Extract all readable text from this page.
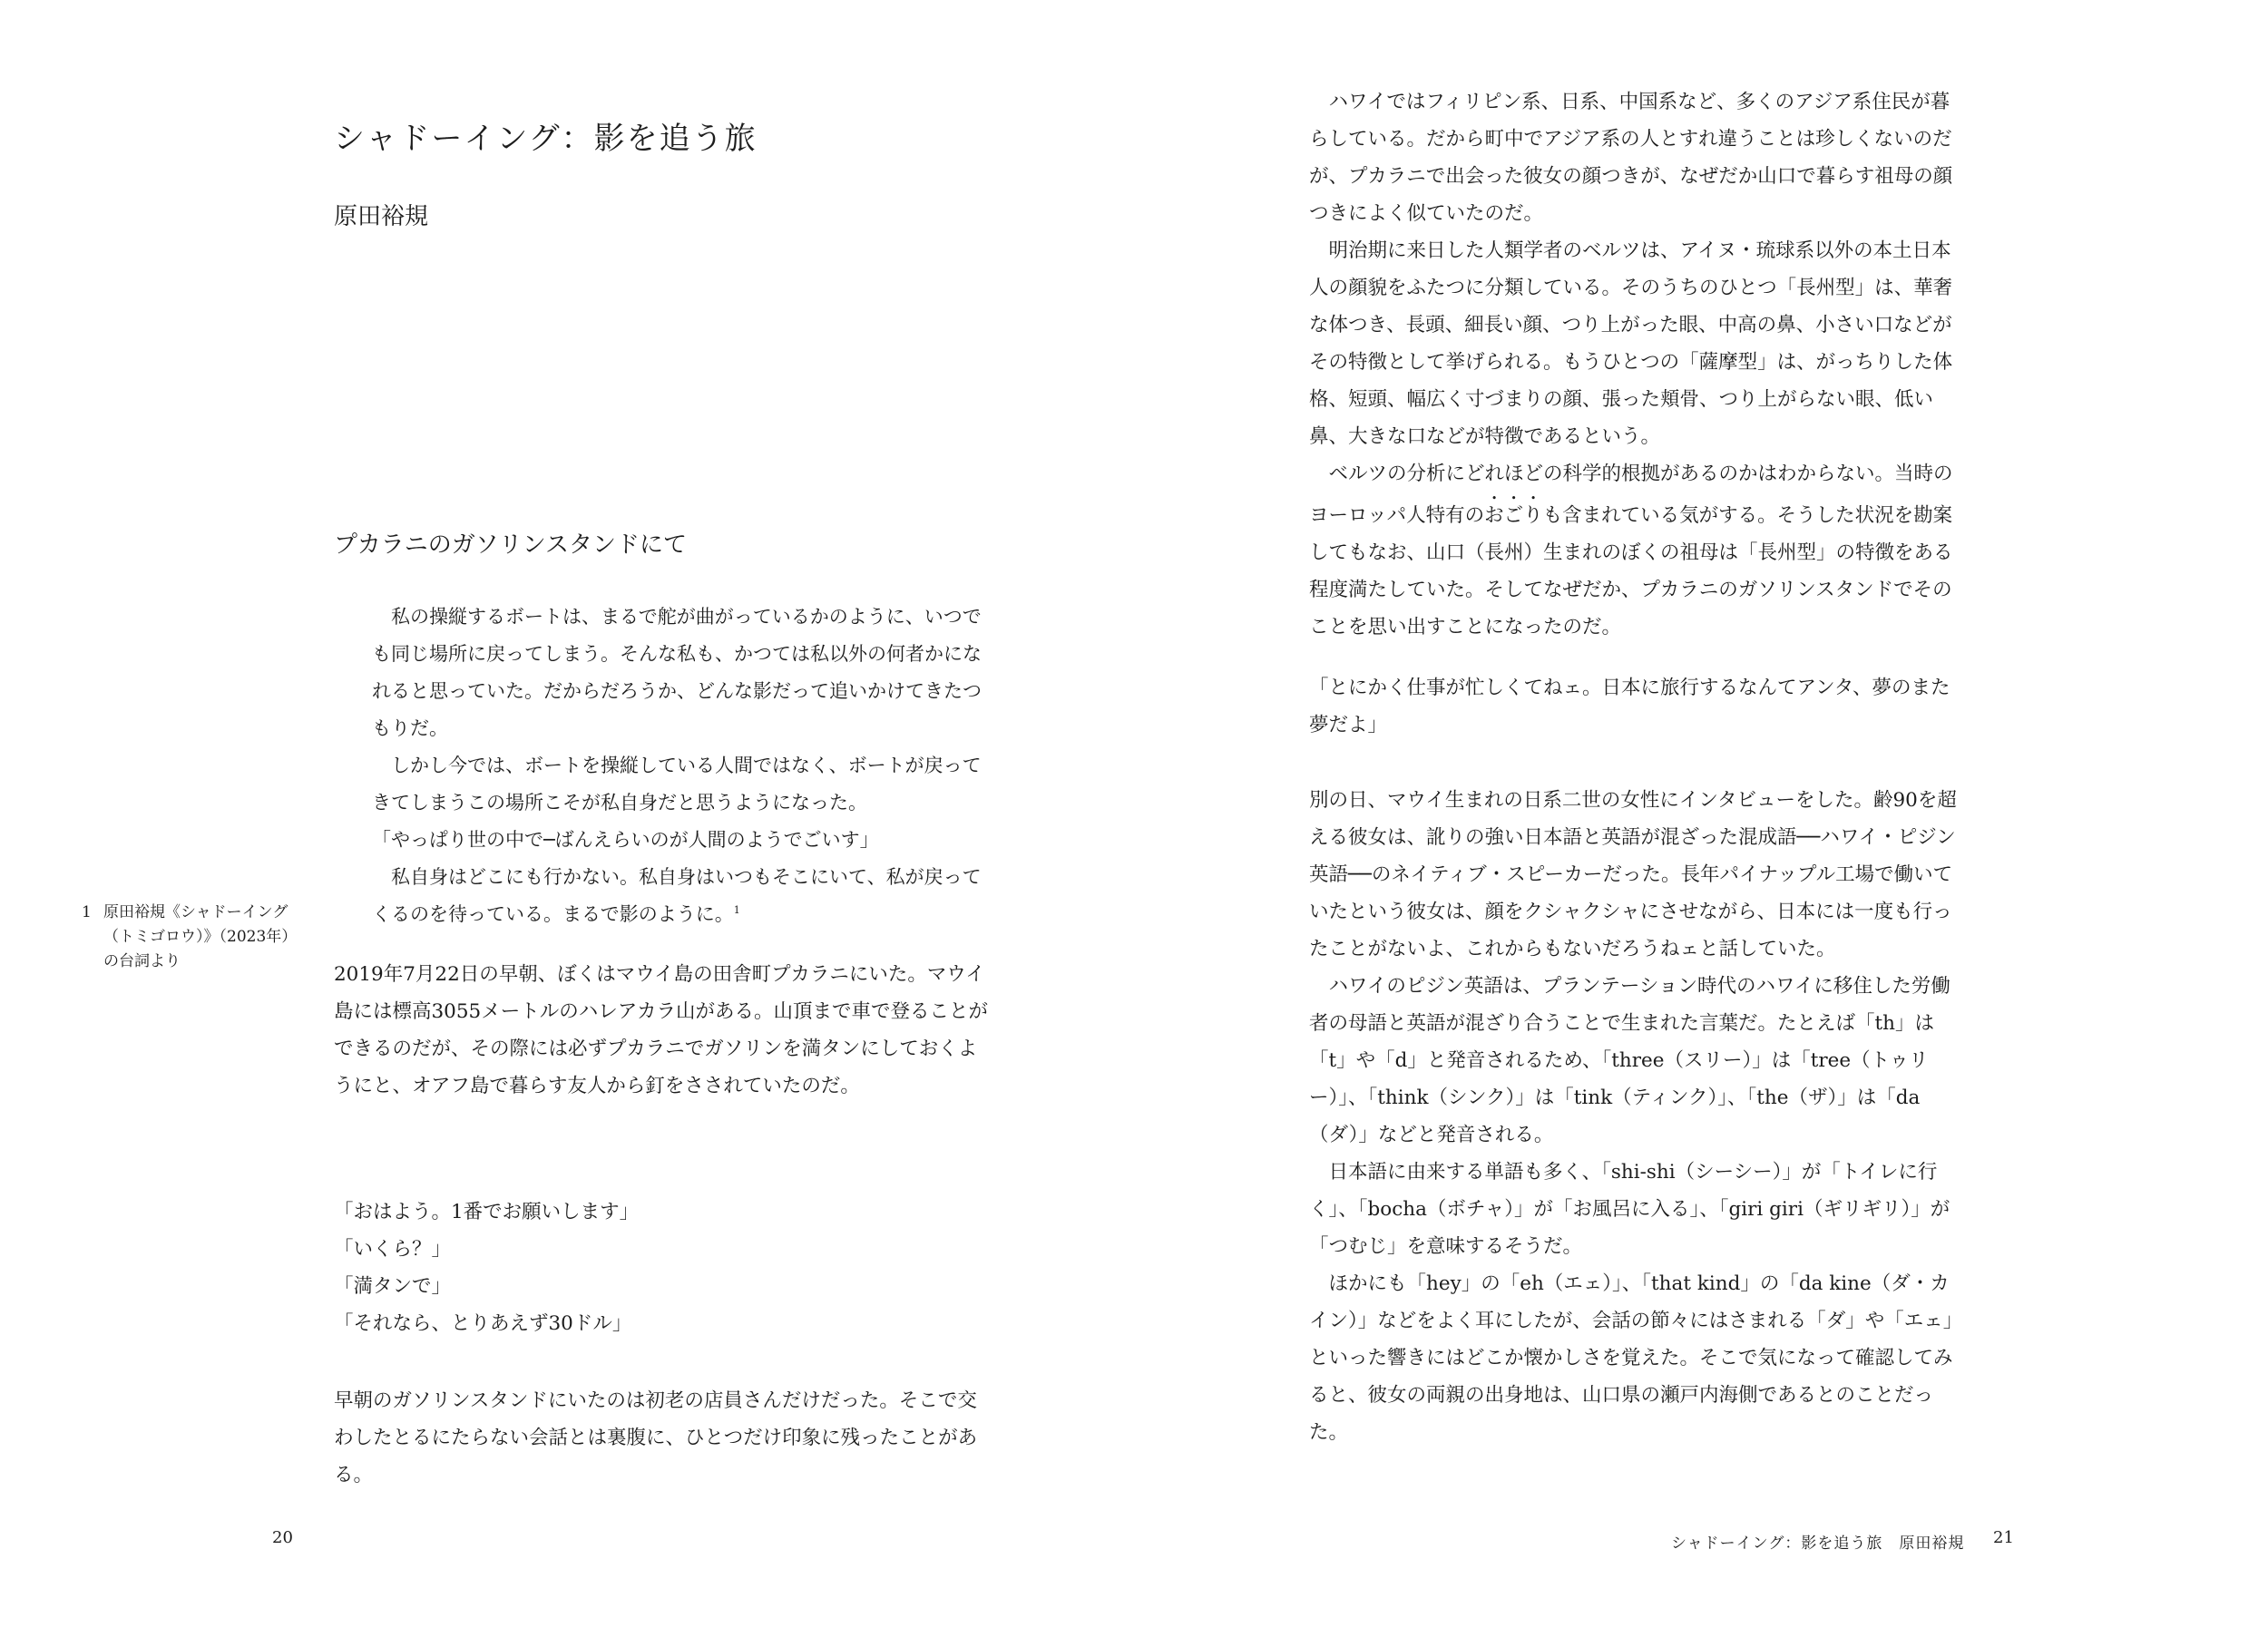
シャドーイング：影を追う旅
原田裕規
プカラニのガソリンスタンドにて

私の操縦するボートは、まるで舵が曲がっているかのように、いつでも同じ場所に戻ってしまう。そんな私も、かつては私以外の何者かになれると思っていた。だからだろうか、どんな影だって追いかけてきたつもりだ。

しかし今では、ボートを操縦している人間ではなく、ボートが戻ってきてしまうこの場所こそが私自身だと思うようになった。

「やっぱり世の中で─ばんえらいのが人間のようでごいす」

私自身はどこにも行かない。私自身はいつもそこにいて、私が戻ってくるのを待っている。まるで影のように。$^1$

1 原田裕規《シャドーイング（トミゴロウ）》（2023年）の台詞より

2019年7月22日の早朝、ぼくはマウイ島の田舎町プカラニにいた。マウイ島には標高3055メートルのハレアカラ山がある。山頂まで車で登ることができるのだが、その際には必ずプカラニでガソリンを満タンにしておくようにと、オアフ島で暮らす友人から釘をさされていたのだ。

「おはよう。1番でお願いします」

「いくら？」

「満タンで」

「それなら、とりあえず30ドル」

早朝のガソリンスタンドにいたのは初老の店員さんだけだった。そこで交わしたとるにたらない会話とは裏腹に、ひとつだけ印象に残ったことがある。

20

ハワイではフィリピン系、日系、中国系など、多くのアジア系住民が暮らしている。だから町中でアジア系の人とすれ違うことは珍しくないのだが、プカラニで出会った彼女の顔つきが、なぜだか山口で暮らす祖母の顔つきによく似ていたのだ。

明治期に来日した人類学者のベルツは、アイヌ・琉球系以外の本土日本人の顔貌をふたつに分類している。そのうちのひとつ「長州型」は、華奢な体つき、長頭、細長い顔、つり上がった眼、中高の鼻、小さい口などがその特徴として挙げられる。もうひとつの「薩摩型」は、がっちりした体格、短頭、幅広く寸づまりの顔、張った頬骨、つり上がらない眼、低い鼻、大きな口などが特徴であるという。

ベルツの分析にどれほどの科学的根拠があるのかはわからない。当時のヨーロッパ人特有のおごりも含まれている気がする。そうした状況を勘案してもなお、山口（長州）生まれのぼくの祖母は「長州型」の特徴をある程度満たしていた。そしてなぜだか、プカラニのガソリンスタンドでそのことを思い出すことになったのだ。

「とにかく仕事が忙しくてねェ。日本に旅行するなんてアンタ、夢のまた夢だよ」

別の日、マウイ生まれの日系二世の女性にインタビューをした。齢90を超える彼女は、訛りの強い日本語と英語が混ざった混成語──ハワイ・ピジン英語──のネイティブ・スピーカーだった。長年パイナップル工場で働いていたという彼女は、顔をクシャクシャにさせながら、日本には一度も行ったことがないよ、これからもないだろうねェと話していた。

ハワイのピジン英語は、プランテーション時代のハワイに移住した労働者の母語と英語が混ざり合うことで生まれた言葉だ。たとえば「th」は「t」や「d」と発音されるため、「three（スリー）」は「tree（トゥリー）」、「think（シンク）」は「tink（ティンク）」、「the（ザ）」は「da（ダ）」などと発音される。

日本語に由来する単語も多く、「shi-shi（シーシー）」が「トイレに行く」、「bocha（ボチャ）」が「お風呂に入る」、「giri giri（ギリギリ）」が「つむじ」を意味するそうだ。

ほかにも「hey」の「eh（エェ）」、「that kind」の「da kine（ダ・カイン）」などをよく耳にしたが、会話の節々にはさまれる「ダ」や「エェ」といった響きにはどこか懐かしさを覚えた。そこで気になって確認してみると、彼女の両親の出身地は、山口県の瀬戸内海側であるとのことだった。

シャドーイング：影を追う旅　原田裕規 21
